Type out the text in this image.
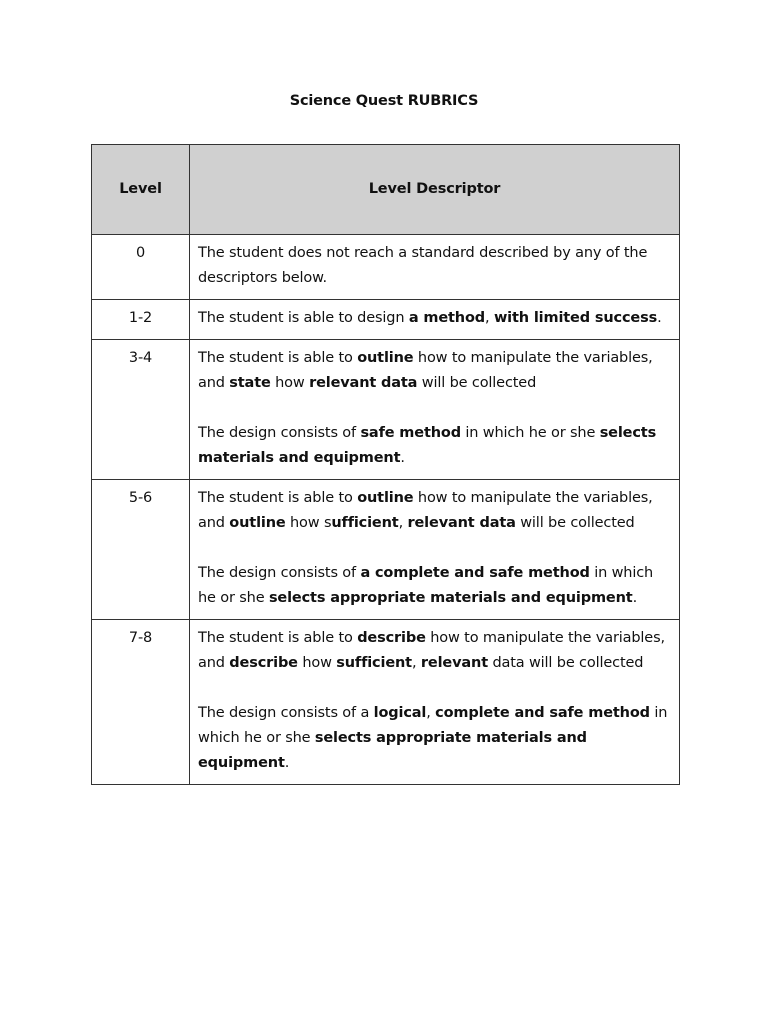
Science Quest RUBRICS
Level	Level Descriptor
0	The student does not reach a standard described by any of the descriptors below.

1-2	The student is able to design a method, with limited success.

3-4	The student is able to outline how to manipulate the variables, and state how relevant data will be collected

The design consists of safe method in which he or she selects materials and equipment.

5-6	The student is able to outline how to manipulate the variables, and outline how sufficient, relevant data will be collected

The design consists of a complete and safe method in which he or she selects appropriate materials and equipment.

7-8	The student is able to describe how to manipulate the variables, and describe how sufficient, relevant data will be collected

The design consists of a logical, complete and safe method in which he or she selects appropriate materials and equipment.
